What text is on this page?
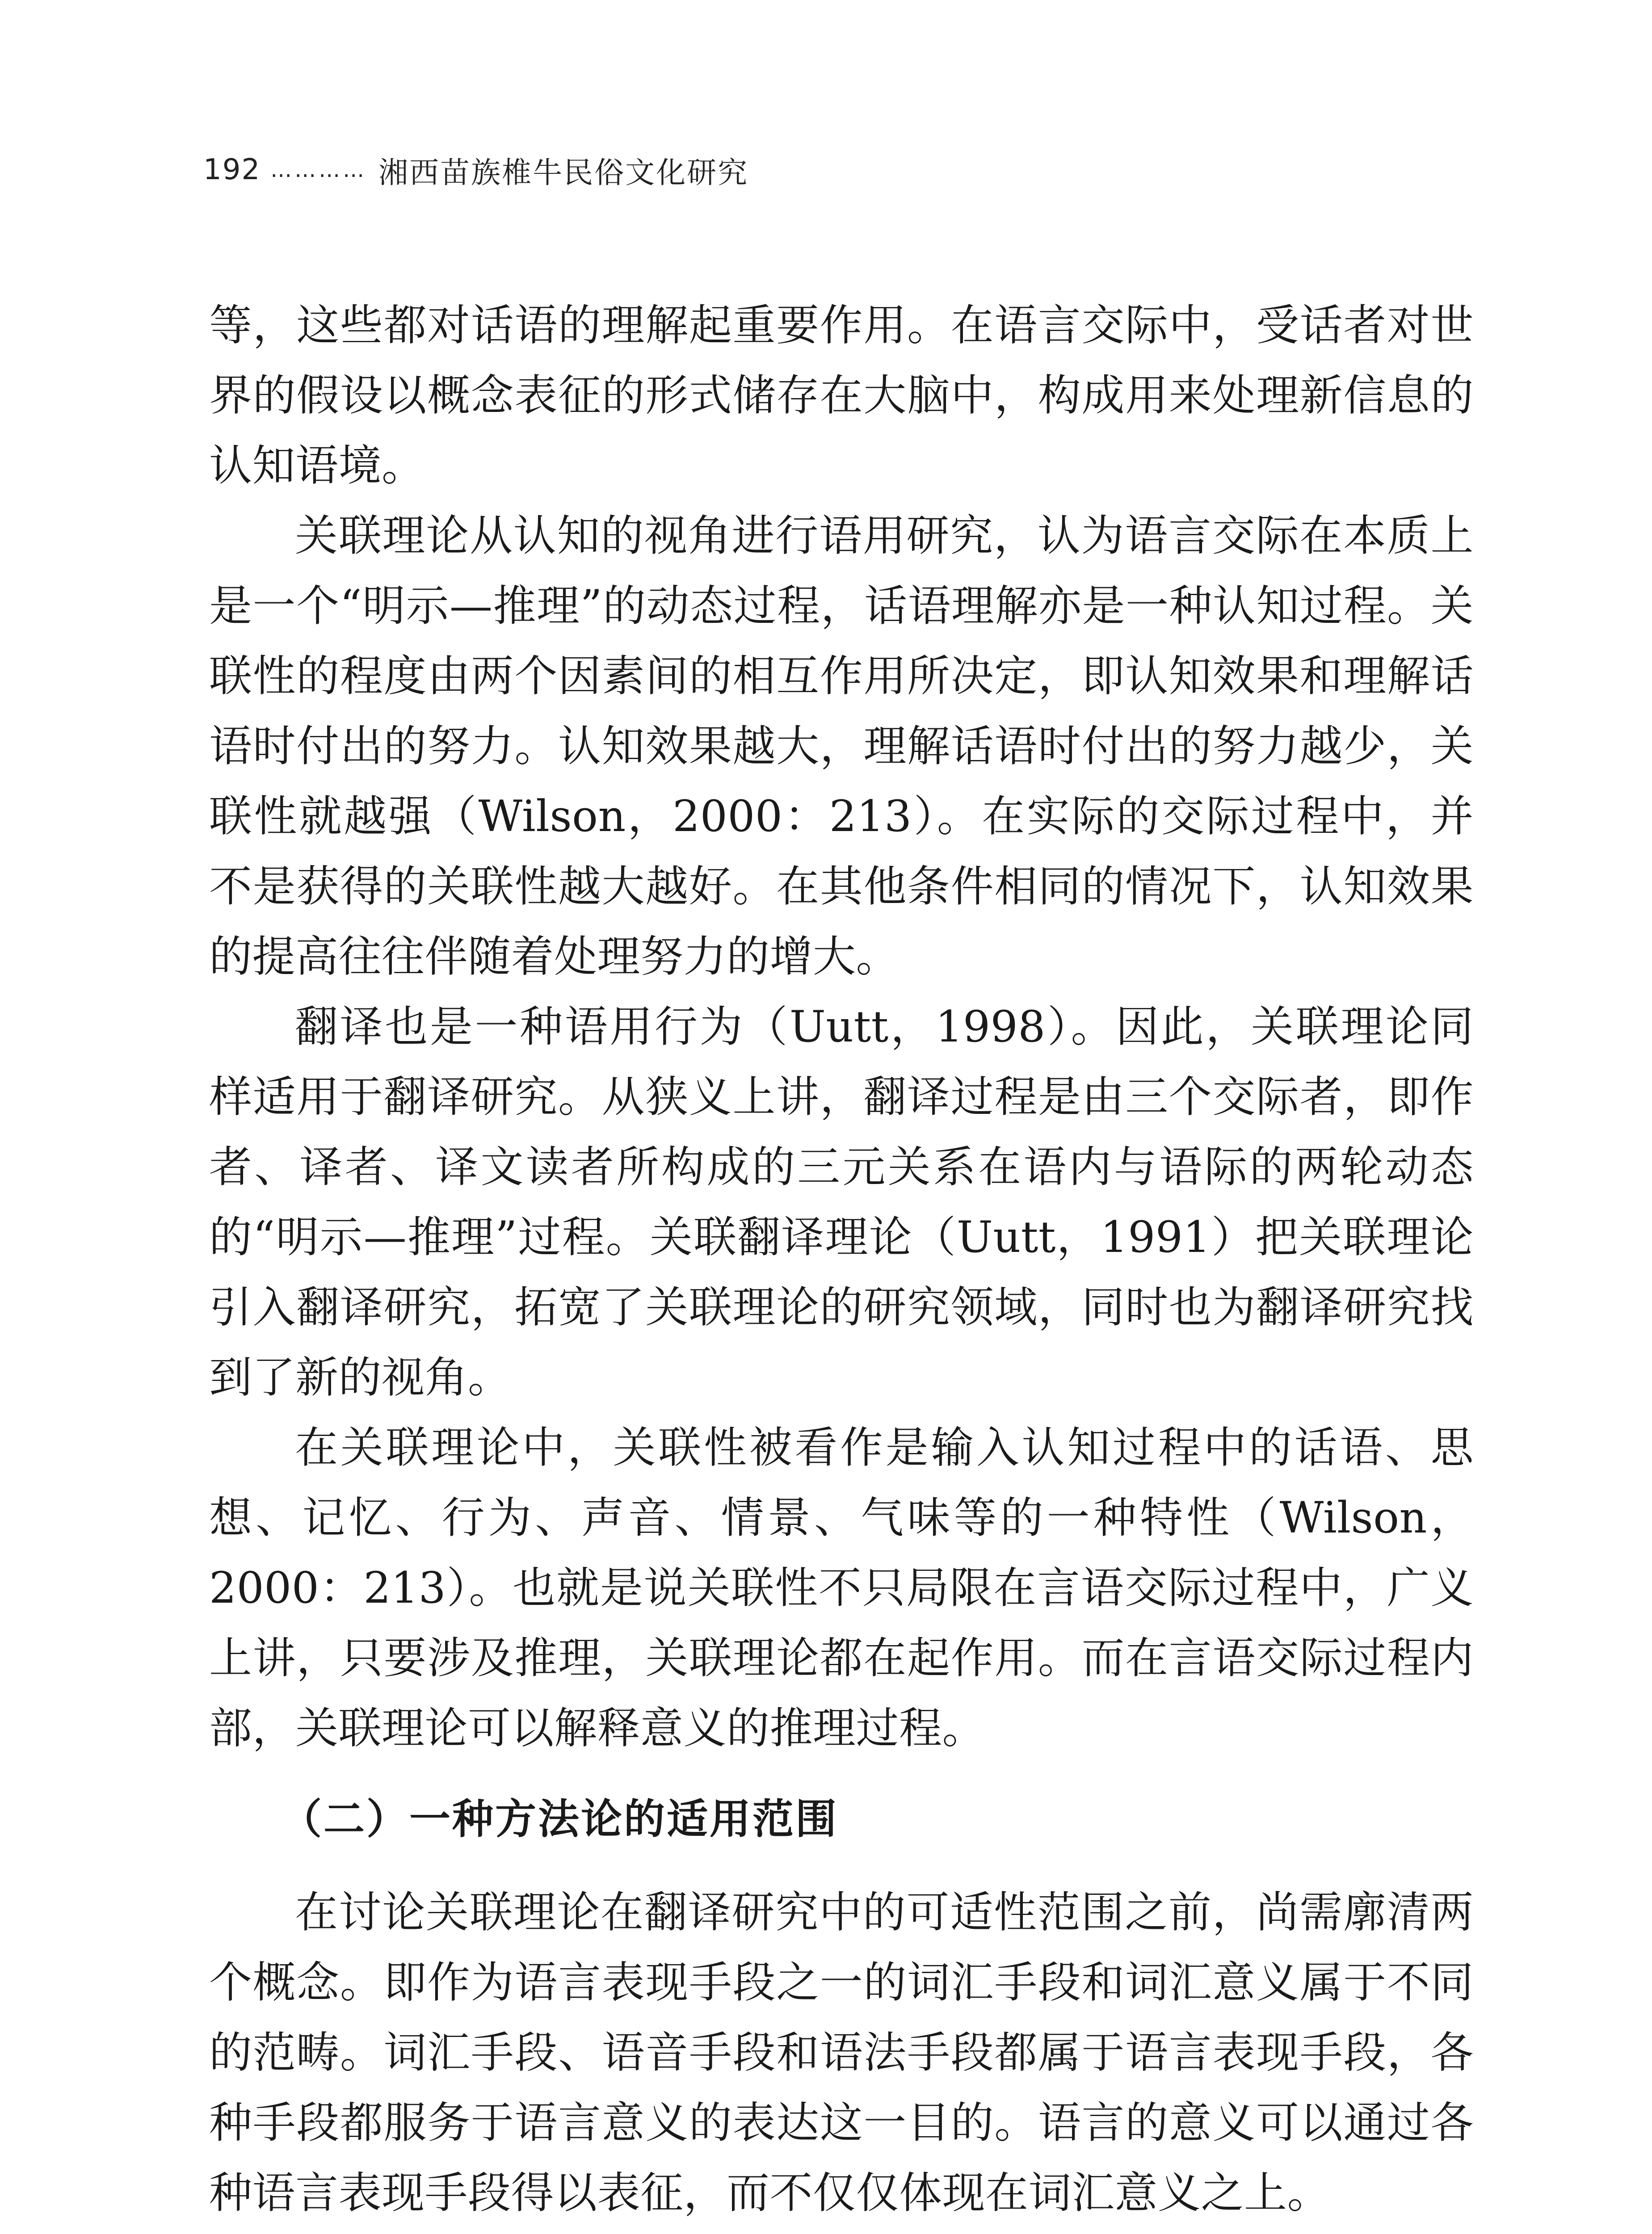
192 ………… 湘西苗族椎牛民俗文化研究

等，这些都对话语的理解起重要作用。在语言交际中，受话者对世界的假设以概念表征的形式储存在大脑中，构成用来处理新信息的认知语境。

关联理论从认知的视角进行语用研究，认为语言交际在本质上是一个“明示—推理”的动态过程，话语理解亦是一种认知过程。关联性的程度由两个因素间的相互作用所决定，即认知效果和理解话语时付出的努力。认知效果越大，理解话语时付出的努力越少，关联性就越强（Wilson，2000：213）。在实际的交际过程中，并不是获得的关联性越大越好。在其他条件相同的情况下，认知效果的提高往往伴随着处理努力的增大。

翻译也是一种语用行为（Uutt，1998）。因此，关联理论同样适用于翻译研究。从狭义上讲，翻译过程是由三个交际者，即作者、译者、译文读者所构成的三元关系在语内与语际的两轮动态的“明示—推理”过程。关联翻译理论（Uutt，1991）把关联理论引入翻译研究，拓宽了关联理论的研究领域，同时也为翻译研究找到了新的视角。

在关联理论中，关联性被看作是输入认知过程中的话语、思想、记忆、行为、声音、情景、气味等的一种特性（Wilson，2000：213）。也就是说关联性不只局限在言语交际过程中，广义上讲，只要涉及推理，关联理论都在起作用。而在言语交际过程内部，关联理论可以解释意义的推理过程。

（二）一种方法论的适用范围

在讨论关联理论在翻译研究中的可适性范围之前，尚需廓清两个概念。即作为语言表现手段之一的词汇手段和词汇意义属于不同的范畴。词汇手段、语音手段和语法手段都属于语言表现手段，各种手段都服务于语言意义的表达这一目的。语言的意义可以通过各种语言表现手段得以表征，而不仅仅体现在词汇意义之上。
